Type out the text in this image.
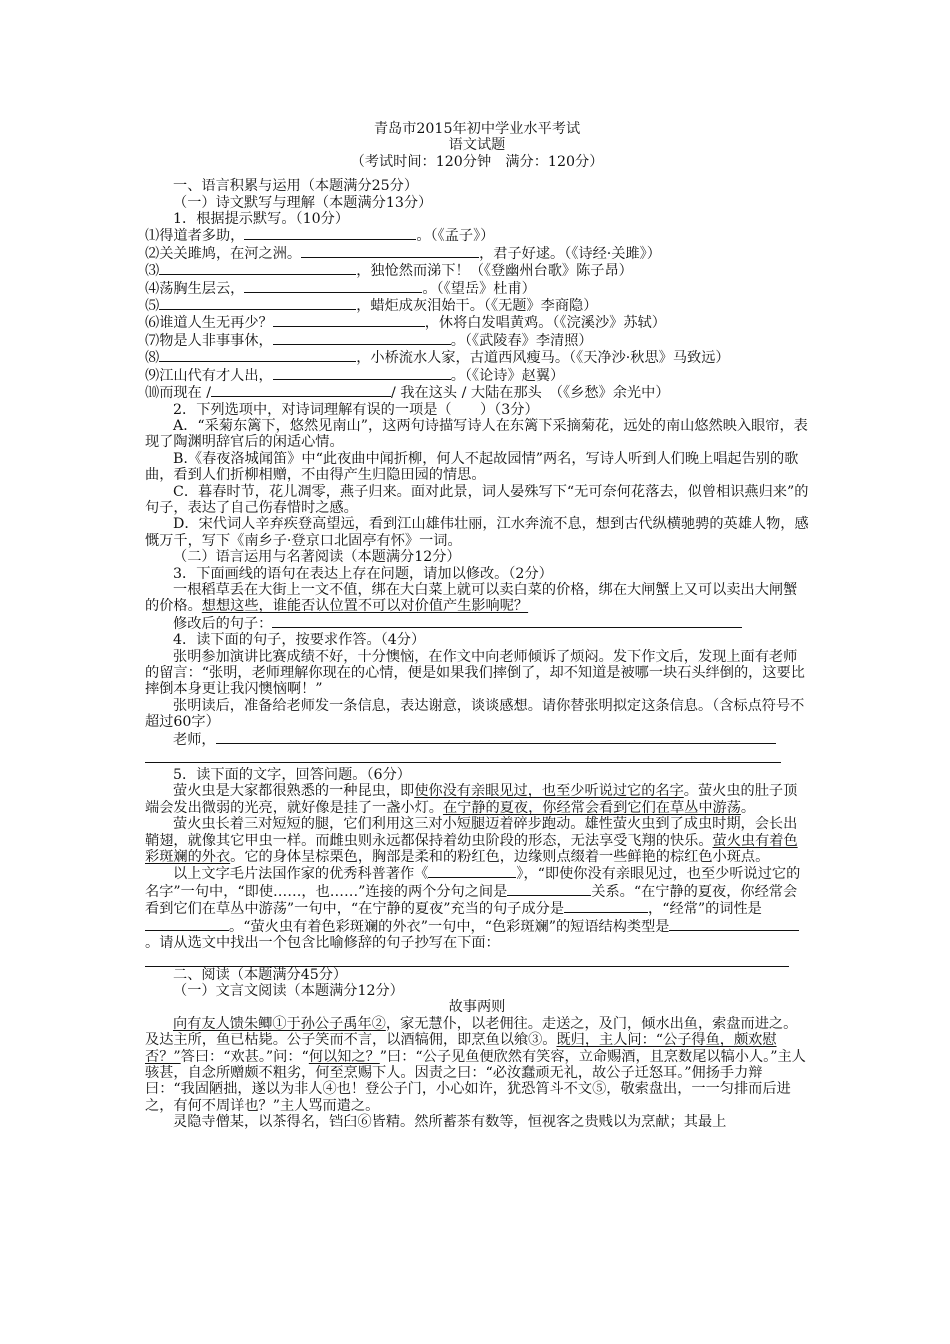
青岛市2015年初中学业水平考试
语文试题
（考试时间：120分钟　满分：120分）
一、语言积累与运用（本题满分25分）
（一）诗文默写与理解（本题满分13分）
1．根据提示默写。（10分）
⑴得道者多助，	。（《孟子》）
⑵关关雎鸠，在河之洲。	，君子好逑。（《诗经·关雎》）
⑶	，独怆然而涕下！（《登幽州台歌》陈子昂）
⑷荡胸生层云，	。（《望岳》杜甫）
⑸	，蜡炬成灰泪始干。（《无题》李商隐）
⑹谁道人生无再少？	，休将白发唱黄鸡。（《浣溪沙》苏轼）
⑺物是人非事事休，	。（《武陵春》李清照）
⑻	，小桥流水人家，古道西风瘦马。（《天净沙·秋思》马致远）
⑼江山代有才人出，	。（《论诗》赵翼）
⑽而现在 /	/ 我在这头 / 大陆在那头　（《乡愁》余光中）
2．下列选项中，对诗词理解有误的一项是（　　）（3分）

A．“采菊东篱下，悠然见南山”，这两句诗描写诗人在东篱下采摘菊花，远处的南山悠然映入眼帘，表现了陶渊明辞官后的闲适心情。

B.《春夜洛城闻笛》中“此夜曲中闻折柳，何人不起故园情”两名，写诗人听到人们晚上唱起告别的歌曲，看到人们折柳相赠，不由得产生归隐田园的情思。

C．暮春时节，花儿凋零，燕子归来。面对此景，词人晏殊写下“无可奈何花落去，似曾相识燕归来”的句子，表达了自己伤春惜时之感。

D．宋代词人辛弃疾登高望远，看到江山雄伟壮丽，江水奔流不息，想到古代纵横驰骋的英雄人物，感慨万千，写下《南乡子·登京口北固亭有怀》一词。

（二）语言运用与名著阅读（本题满分12分）
3．下面画线的语句在表达上存在问题，请加以修改。（2分）

一根稻草丢在大街上一文不值，绑在大白菜上就可以卖白菜的价格，绑在大闸蟹上又可以卖出大闸蟹的价格。想想这些，谁能否认位置不可以对价值产生影响呢？

修改后的句子：
4．读下面的句子，按要求作答。（4分）

张明参加演讲比赛成绩不好，十分懊恼，在作文中向老师倾诉了烦闷。发下作文后，发现上面有老师的留言：“张明，老师理解你现在的心情，便是如果我们摔倒了，却不知道是被哪一块石头绊倒的，这要比摔倒本身更让我闪懊恼啊！”

张明读后，准备给老师发一条信息，表达谢意，谈谈感想。请你替张明拟定这条信息。（含标点符号不超过60字）

老师，
5．读下面的文字，回答问题。（6分）

萤火虫是大家都很熟悉的一种昆虫，即使你没有亲眼见过，也至少听说过它的名字。萤火虫的肚子顶端会发出微弱的光亮，就好像是挂了一盏小灯。在宁静的夏夜，你经常会看到它们在草丛中游荡。

萤火虫长着三对短短的腿，它们利用这三对小短腿迈着碎步跑动。雄性萤火虫到了成虫时期，会长出鞘翅，就像其它甲虫一样。而雌虫则永远都保持着幼虫阶段的形态，无法享受飞翔的快乐。萤火虫有着色彩斑斓的外衣。它的身体呈棕栗色，胸部是柔和的粉红色，边缘则点缀着一些鲜艳的棕红色小斑点。

以上文字毛片法国作家的优秀科普著作《	》，“即使你没有亲眼见过，也至少听说过它的名字”一句中，“即使……，也……”连接的两个分句之间是	关系。“在宁静的夏夜，你经常会看到它们在草丛中游荡”一句中，“在宁静的夏夜”充当的句子成分是	，“经常”的词性是。“萤火虫有着色彩斑斓的外衣”一句中，“色彩斑斓”的短语结构类型是。请从选文中找出一个包含比喻修辞的句子抄写在下面：

二、阅读（本题满分45分）
（一）文言文阅读（本题满分12分）
故事两则

向有友人馈朱鲫①于孙公子禹年②，家无慧仆，以老佣往。走送之，及门，倾水出鱼，索盘而进之。及达主所，鱼已枯毙。公子笑而不言，以酒犒佣，即烹鱼以飨③。既归，主人问：“公子得鱼，颇欢慰否？”答曰：“欢甚。”问：“何以知之？”曰：“公子见鱼便欣然有笑容，立命赐酒，且烹数尾以犒小人。”主人骇甚，自念所赠颇不粗劣，何至烹赐下人。因责之曰：“必汝蠢顽无礼，故公子迁怒耳。”佣扬手力辩曰：“我固陋拙，遂以为非人④也！登公子门，小心如许，犹恐筲斗不文⑤，敬索盘出，一一匀排而后进之，有何不周详也？”主人骂而遣之。

灵隐寺僧某，以茶得名，铛臼⑥皆精。然所蓄茶有数等，恒视客之贵贱以为烹献；其最上
